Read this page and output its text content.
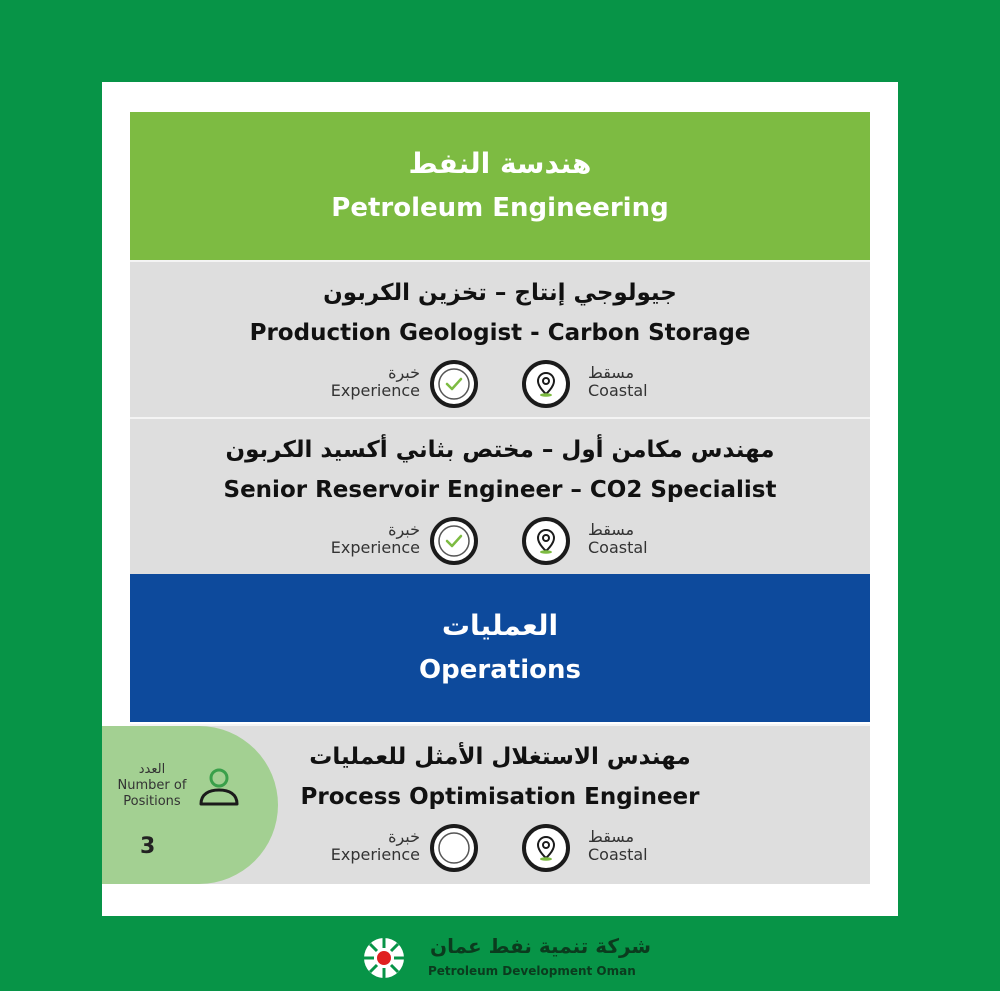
هندسة النفط
Petroleum Engineering
جيولوجي إنتاج – تخزين الكربون
Production Geologist - Carbon Storage
خبرة
Experience
مسقط
Coastal
مهندس مكامن أول – مختص بثاني أكسيد الكربون
Senior Reservoir Engineer – CO2 Specialist
خبرة
Experience
مسقط
Coastal
العمليات
Operations
العدد
Number of Positions
3
مهندس الاستغلال الأمثل للعمليات
Process Optimisation Engineer
خبرة
Experience
مسقط
Coastal
شركة تنمية نفط عمان
Petroleum Development Oman
